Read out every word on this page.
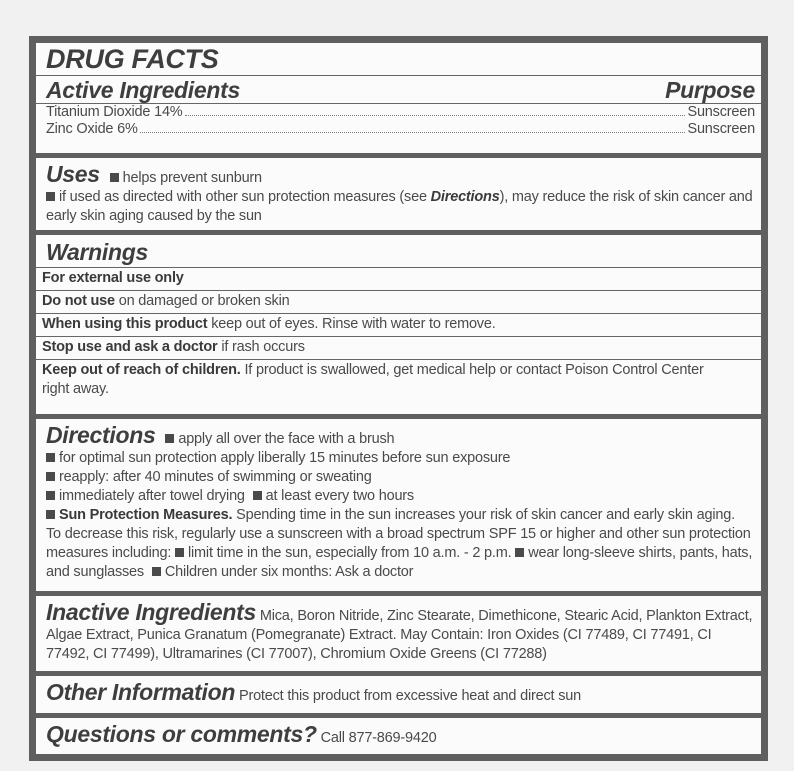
DRUG FACTS
Active Ingredients	Purpose
Titanium Dioxide 14%	Sunscreen
Zinc Oxide 6%	Sunscreen
Uses helps prevent sunburn
if used as directed with other sun protection measures (see Directions), may reduce the risk of skin cancer and early skin aging caused by the sun
Warnings
For external use only
Do not use on damaged or broken skin
When using this product keep out of eyes. Rinse with water to remove.
Stop use and ask a doctor if rash occurs
Keep out of reach of children. If product is swallowed, get medical help or contact Poison Control Center right away.
Directions apply all over the face with a brush
for optimal sun protection apply liberally 15 minutes before sun exposure
reapply: after 40 minutes of swimming or sweating
immediately after towel drying at least every two hours
Sun Protection Measures. Spending time in the sun increases your risk of skin cancer and early skin aging. To decrease this risk, regularly use a sunscreen with a broad spectrum SPF 15 or higher and other sun protection measures including: limit time in the sun, especially from 10 a.m. - 2 p.m. wear long-sleeve shirts, pants, hats, and sunglasses Children under six months: Ask a doctor
Inactive Ingredients Mica, Boron Nitride, Zinc Stearate, Dimethicone, Stearic Acid, Plankton Extract, Algae Extract, Punica Granatum (Pomegranate) Extract. May Contain: Iron Oxides (CI 77489, CI 77491, CI 77492, CI 77499), Ultramarines (CI 77007), Chromium Oxide Greens (CI 77288)
Other Information Protect this product from excessive heat and direct sun
Questions or comments? Call 877-869-9420
